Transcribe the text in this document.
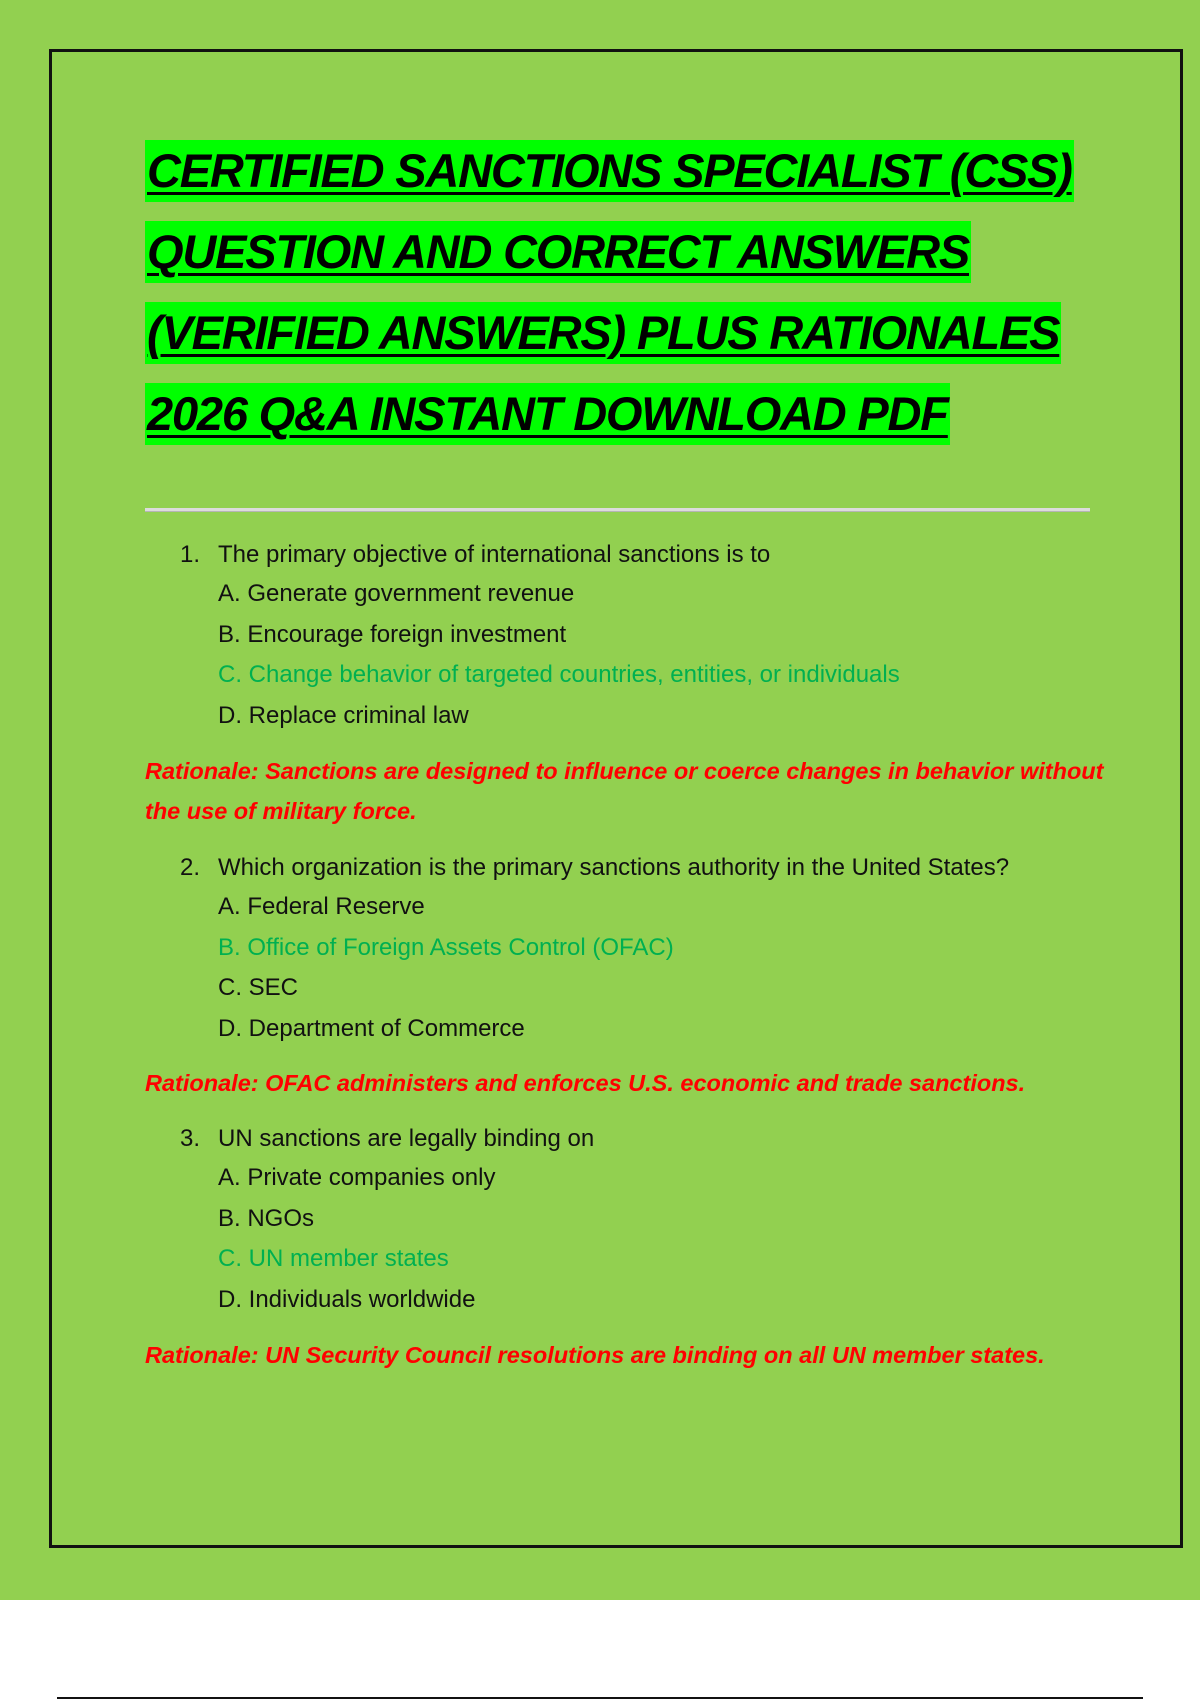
CERTIFIED SANCTIONS SPECIALIST (CSS)
QUESTION AND CORRECT ANSWERS
(VERIFIED ANSWERS) PLUS RATIONALES
2026 Q&A INSTANT DOWNLOAD PDF
1. The primary objective of international sanctions is to
A. Generate government revenue
B. Encourage foreign investment
C. Change behavior of targeted countries, entities, or individuals
D. Replace criminal law
Rationale: Sanctions are designed to influence or coerce changes in behavior without the use of military force.
2. Which organization is the primary sanctions authority in the United States?
A. Federal Reserve
B. Office of Foreign Assets Control (OFAC)
C. SEC
D. Department of Commerce
Rationale: OFAC administers and enforces U.S. economic and trade sanctions.
3. UN sanctions are legally binding on
A. Private companies only
B. NGOs
C. UN member states
D. Individuals worldwide
Rationale: UN Security Council resolutions are binding on all UN member states.
